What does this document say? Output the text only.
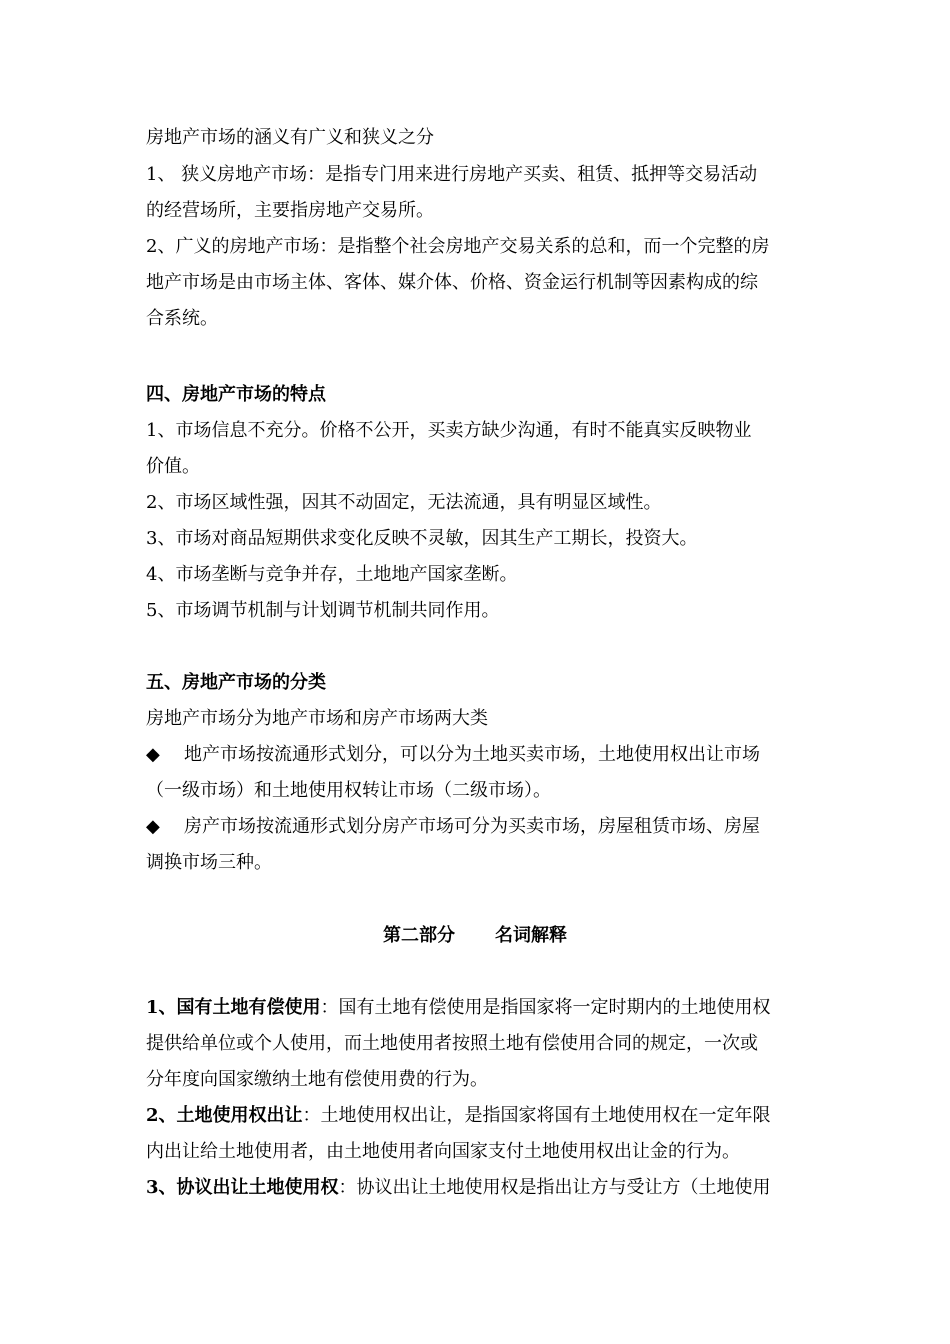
房地产市场的涵义有广义和狭义之分

1、 狭义房地产市场：是指专门用来进行房地产买卖、租赁、抵押等交易活动

的经营场所，主要指房地产交易所。

2、广义的房地产市场：是指整个社会房地产交易关系的总和，而一个完整的房

地产市场是由市场主体、客体、媒介体、价格、资金运行机制等因素构成的综

合系统。

四、房地产市场的特点

1、市场信息不充分。价格不公开，买卖方缺少沟通，有时不能真实反映物业

价值。

2、市场区域性强，因其不动固定，无法流通，具有明显区域性。

3、市场对商品短期供求变化反映不灵敏，因其生产工期长，投资大。

4、市场垄断与竞争并存，土地地产国家垄断。

5、市场调节机制与计划调节机制共同作用。

五、房地产市场的分类

房地产市场分为地产市场和房产市场两大类

◆ 地产市场按流通形式划分，可以分为土地买卖市场，土地使用权出让市场

（一级市场）和土地使用权转让市场（二级市场）。

◆ 房产市场按流通形式划分房产市场可分为买卖市场，房屋租赁市场、房屋

调换市场三种。

第二部分 名词解释

1、国有土地有偿使用：国有土地有偿使用是指国家将一定时期内的土地使用权

提供给单位或个人使用，而土地使用者按照土地有偿使用合同的规定，一次或

分年度向国家缴纳土地有偿使用费的行为。

2、土地使用权出让：土地使用权出让，是指国家将国有土地使用权在一定年限

内出让给土地使用者，由土地使用者向国家支付土地使用权出让金的行为。

3、协议出让土地使用权：协议出让土地使用权是指出让方与受让方（土地使用
